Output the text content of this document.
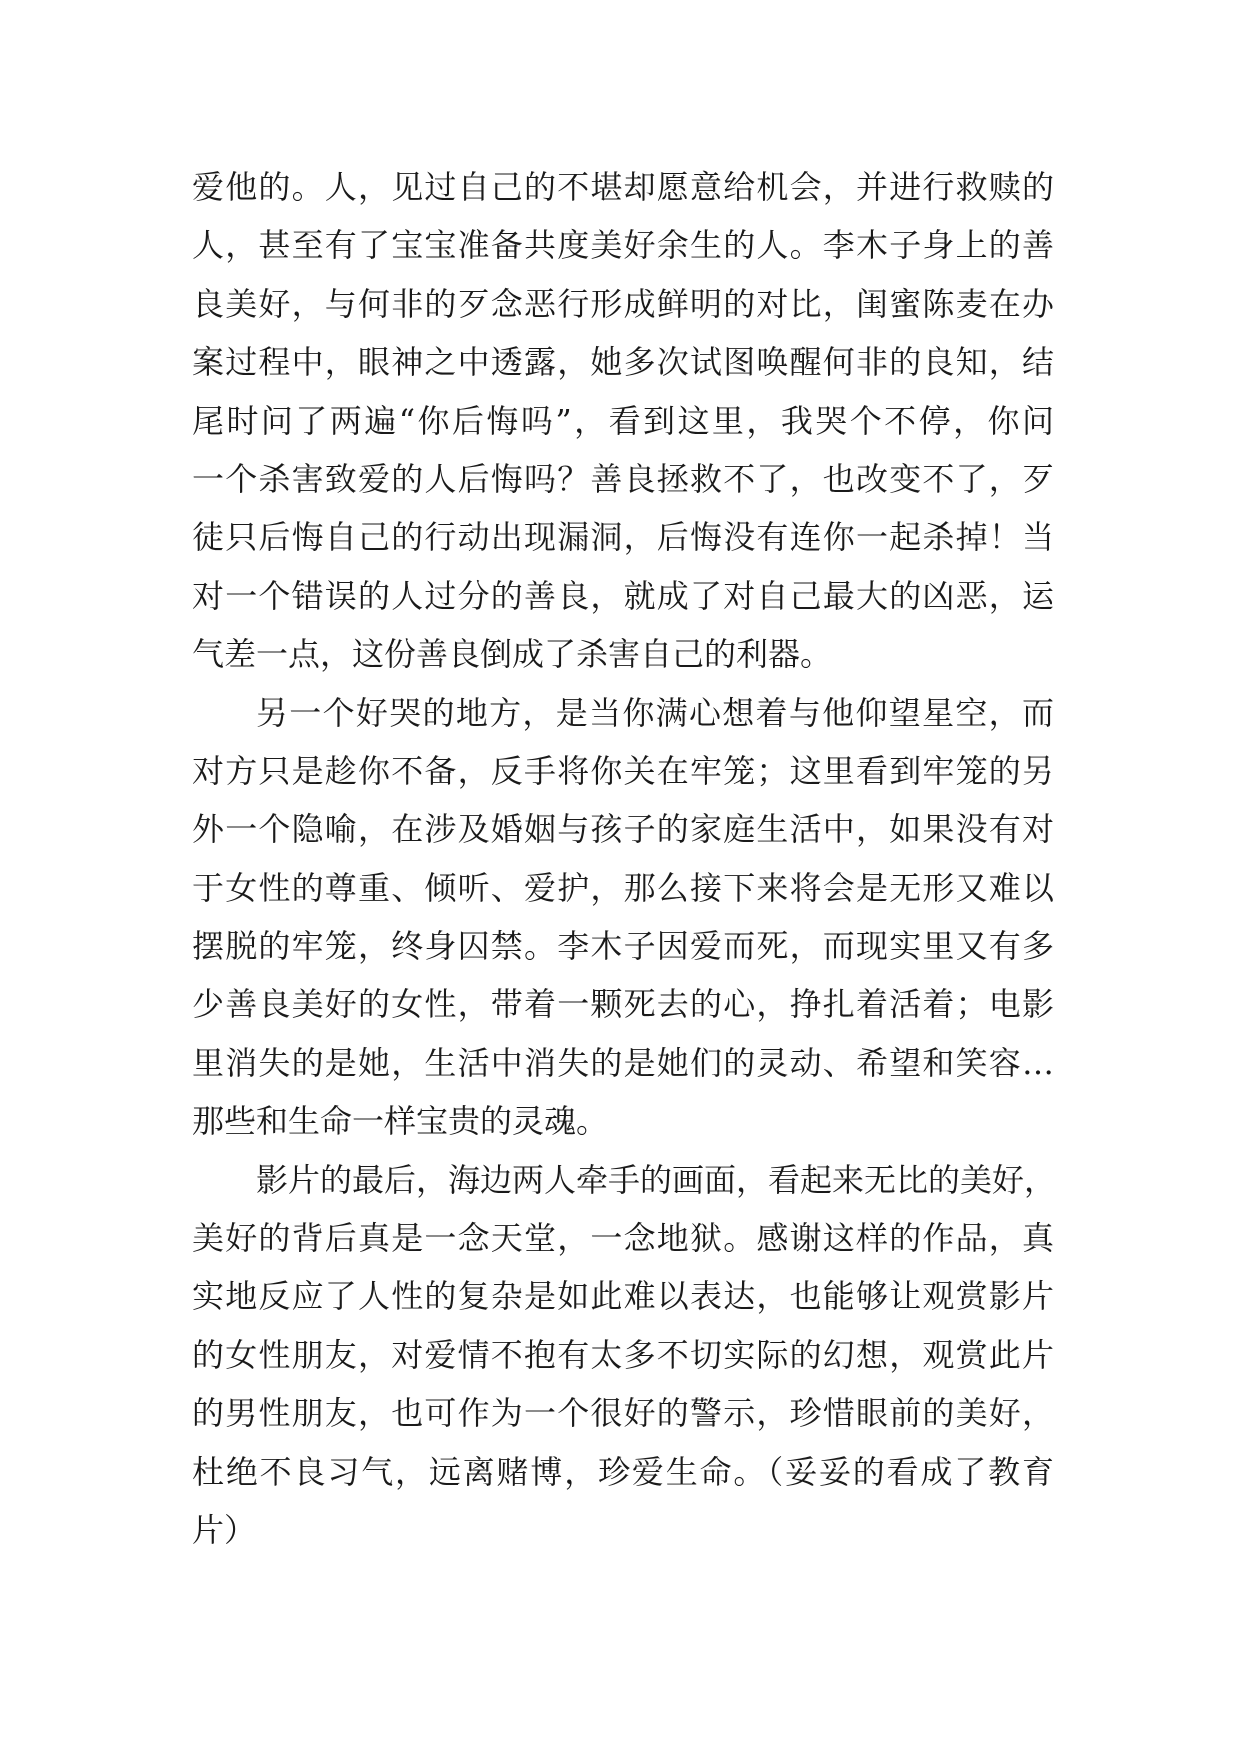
爱他的。人，见过自己的不堪却愿意给机会，并进行救赎的
人，甚至有了宝宝准备共度美好余生的人。李木子身上的善
良美好，与何非的歹念恶行形成鲜明的对比，闺蜜陈麦在办
案过程中，眼神之中透露，她多次试图唤醒何非的良知，结
尾时问了两遍“你后悔吗”，看到这里，我哭个不停，你问
一个杀害致爱的人后悔吗？善良拯救不了，也改变不了，歹
徒只后悔自己的行动出现漏洞，后悔没有连你一起杀掉！当
对一个错误的人过分的善良，就成了对自己最大的凶恶，运
气差一点，这份善良倒成了杀害自己的利器。
另一个好哭的地方，是当你满心想着与他仰望星空，而
对方只是趁你不备，反手将你关在牢笼；这里看到牢笼的另
外一个隐喻，在涉及婚姻与孩子的家庭生活中，如果没有对
于女性的尊重、倾听、爱护，那么接下来将会是无形又难以
摆脱的牢笼，终身囚禁。李木子因爱而死，而现实里又有多
少善良美好的女性，带着一颗死去的心，挣扎着活着；电影
里消失的是她，生活中消失的是她们的灵动、希望和笑容…
那些和生命一样宝贵的灵魂。
影片的最后，海边两人牵手的画面，看起来无比的美好，
美好的背后真是一念天堂，一念地狱。感谢这样的作品，真
实地反应了人性的复杂是如此难以表达，也能够让观赏影片
的女性朋友，对爱情不抱有太多不切实际的幻想，观赏此片
的男性朋友，也可作为一个很好的警示，珍惜眼前的美好，
杜绝不良习气，远离赌博，珍爱生命。（妥妥的看成了教育
片）
